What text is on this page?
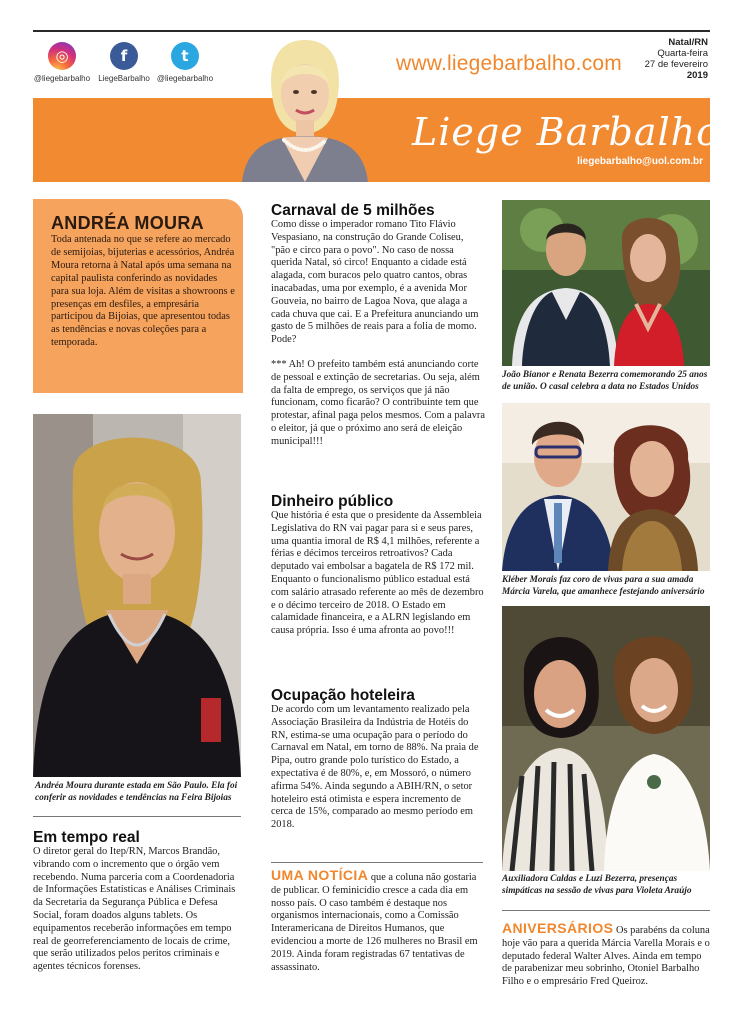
◎
@liegebarbalho
f
LiegeBarbalho
t
@liegebarbalho
www.liegebarbalho.com
Natal/RN
Quarta-feira
27 de fevereiro
2019
Liege Barbalho
liegebarbalho@uol.com.br
ANDRÉA MOURA

Toda antenada no que se refere ao mercado de semijoias, bijuterias e acessórios, Andréa Moura retorna à Natal após uma semana na capital paulista conferindo as novidades para sua loja. Além de visitas a showroons e presenças em desfiles, a empresária participou da Bijoias, que apresentou todas as tendências e novas coleções para a temporada.

Andréa Moura durante estada em São Paulo. Ela foi conferir as novidades e tendências na Feira Bijoias
Em tempo real

O diretor geral do Itep/RN, Marcos Brandão, vibrando com o incremento que o órgão vem recebendo. Numa parceria com a Coordenadoria de Informações Estatísticas e Análises Criminais da Secretaria da Segurança Pública e Defesa Social, foram doados alguns tablets. Os equipamentos receberão informações em tempo real de georreferenciamento de locais de crime, que serão utilizados pelos peritos criminais e agentes técnicos forenses.

Carnaval de 5 milhões

Como disse o imperador romano Tito Flávio Vespasiano, na construção do Grande Coliseu, "pão e circo para o povo". No caso de nossa querida Natal, só circo! Enquanto a cidade está alagada, com buracos pelo quatro cantos, obras inacabadas, uma por exemplo, é a avenida Mor Gouveia, no bairro de Lagoa Nova, que alaga a cada chuva que cai. E a Prefeitura anunciando um gasto de 5 milhões de reais para a folia de momo. Pode?

*** Ah! O prefeito também está anunciando corte de pessoal e extinção de secretarias. Ou seja, além da falta de emprego, os serviços que já não funcionam, como ficarão? O contribuinte tem que protestar, afinal paga pelos mesmos. Com a palavra o eleitor, já que o próximo ano será de eleição municipal!!!

Dinheiro público

Que história é esta que o presidente da Assembleia Legislativa do RN vai pagar para si e seus pares, uma quantia imoral de R$ 4,1 milhões, referente a férias e décimos terceiros retroativos? Cada deputado vai embolsar a bagatela de R$ 172 mil. Enquanto o funcionalismo público estadual está com salário atrasado referente ao mês de dezembro e o décimo terceiro de 2018. O Estado em calamidade financeira, e a ALRN legislando em causa própria. Isso é uma afronta ao povo!!!

Ocupação hoteleira

De acordo com um levantamento realizado pela Associação Brasileira da Indústria de Hotéis do RN, estima-se uma ocupação para o período do Carnaval em Natal, em torno de 88%. Na praia de Pipa, outro grande polo turístico do Estado, a expectativa é de 80%, e, em Mossoró, o número afirma 54%. Ainda segundo a ABIH/RN, o setor hoteleiro está otimista e espera incremento de cerca de 15%, comparado ao mesmo período em 2018.

UMA NOTÍCIA que a coluna não gostaria de publicar. O feminicídio cresce a cada dia em nosso país. O caso também é destaque nos organismos internacionais, como a Comissão Interamericana de Direitos Humanos, que evidenciou a morte de 126 mulheres no Brasil em 2019. Ainda foram registradas 67 tentativas de assassinato.

João Bianor e Renata Bezerra comemorando 25 anos de união. O casal celebra a data no Estados Unidos
Kléber Morais faz coro de vivas para a sua amada Márcia Varela, que amanhece festejando aniversário
Auxiliadora Caldas e Luzi Bezerra, presenças simpáticas na sessão de vivas para Violeta Araújo

ANIVERSÁRIOS Os parabéns da coluna hoje vão para a querida Márcia Varella Morais e o deputado federal Walter Alves. Ainda em tempo de parabenizar meu sobrinho, Otoniel Barbalho Filho e o empresário Fred Queiroz.
